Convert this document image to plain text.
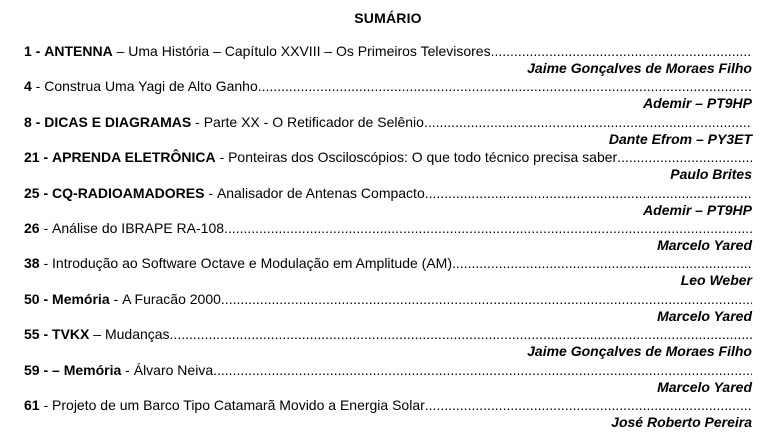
SUMÁRIO
1 - ANTENNA – Uma História – Capítulo XXVIII – Os Primeiros Televisores
.....
Jaime Gonçalves de Moraes Filho
4 - Construa Uma Yagi de Alto Ganho
.....
Ademir – PT9HP
8 - DICAS E DIAGRAMAS - Parte XX - O Retificador de Selênio
.....
Dante Efrom – PY3ET
21 - APRENDA ELETRÔNICA - Ponteiras dos Osciloscópios: O que todo técnico precisa saber
.....
Paulo Brites
25 - CQ-RADIOAMADORES - Analisador de Antenas Compacto
.....
Ademir – PT9HP
26 - Análise do IBRAPE RA-108
.....
Marcelo Yared
38 - Introdução ao Software Octave e Modulação em Amplitude (AM)
.....
Leo Weber
50 - Memória - A Furacão 2000
.....
Marcelo Yared
55 - TVKX – Mudanças
.....
Jaime Gonçalves de Moraes Filho
59 - – Memória - Álvaro Neiva
.....
Marcelo Yared
61 - Projeto de um Barco Tipo Catamarã Movido a Energia Solar
.....
José Roberto Pereira
